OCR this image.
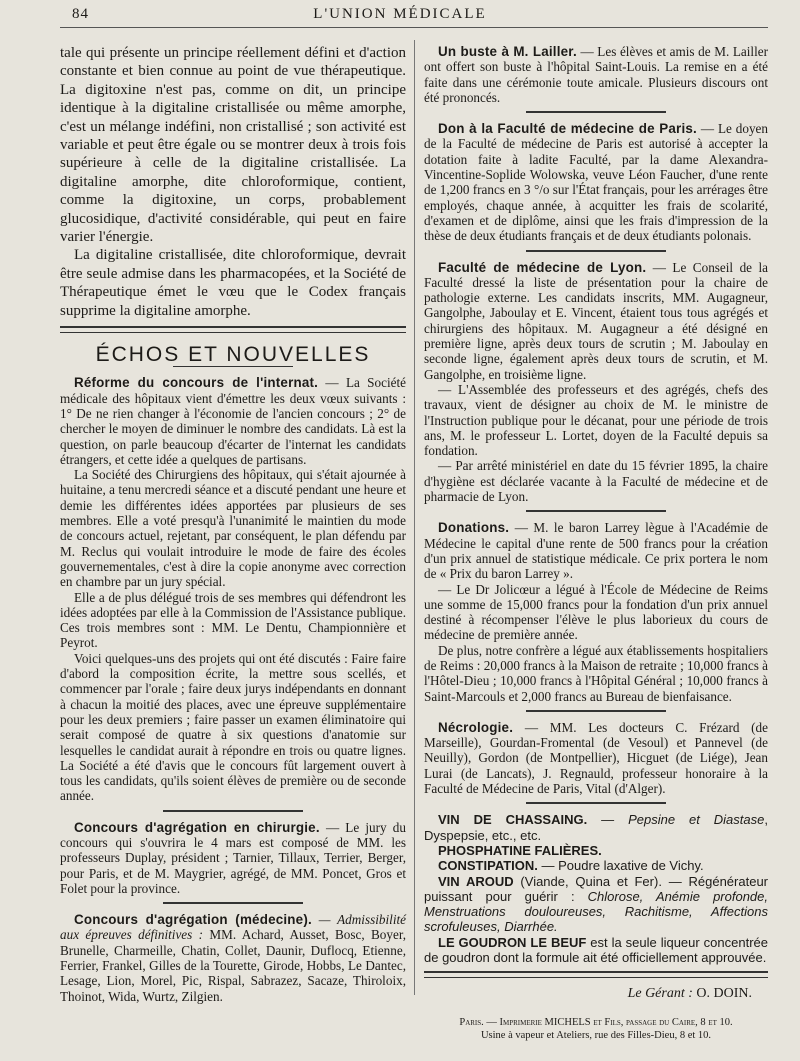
84	L'UNION MÉDICALE

tale qui présente un principe réellement défini et d'action constante et bien connue au point de vue thérapeutique. La digitoxine n'est pas, comme on dit, un principe identique à la digitaline cristallisée ou même amorphe, c'est un mélange indéfini, non cristallisé ; son activité est variable et peut être égale ou se montrer deux à trois fois supérieure à celle de la digitaline cristallisée. La digitaline amorphe, dite chloroformique, contient, comme la digitoxine, un corps, probablement glucosidique, d'activité considérable, qui peut en faire varier l'énergie.

La digitaline cristallisée, dite chloroformique, devrait être seule admise dans les pharmacopées, et la Société de Thérapeutique émet le vœu que le Codex français supprime la digitaline amorphe.

ÉCHOS ET NOUVELLES

Réforme du concours de l'internat. — La Société médicale des hôpitaux vient d'émettre les deux vœux suivants : 1° De ne rien changer à l'économie de l'ancien concours ; 2° de chercher le moyen de diminuer le nombre des candidats. Là est la question, on parle beaucoup d'écarter de l'internat les candidats étrangers, et cette idée a quelques de partisans.

La Société des Chirurgiens des hôpitaux, qui s'était ajournée à huitaine, a tenu mercredi séance et a discuté pendant une heure et demie les différentes idées apportées par plusieurs de ses membres. Elle a voté presqu'à l'unanimité le maintien du mode de concours actuel, rejetant, par conséquent, le plan défendu par M. Reclus qui voulait introduire le mode de faire des écoles gouvernementales, c'est à dire la copie anonyme avec correction en chambre par un jury spécial.

Elle a de plus délégué trois de ses membres qui défendront les idées adoptées par elle à la Commission de l'Assistance publique. Ces trois membres sont : MM. Le Dentu, Championnière et Peyrot.

Voici quelques-uns des projets qui ont été discutés : Faire faire d'abord la composition écrite, la mettre sous scellés, et commencer par l'orale ; faire deux jurys indépendants en donnant à chacun la moitié des places, avec une épreuve supplémentaire pour les deux premiers ; faire passer un examen éliminatoire qui serait composé de quatre à six questions d'anatomie sur lesquelles le candidat aurait à répondre en trois ou quatre lignes. La Société a été d'avis que le concours fût largement ouvert à tous les candidats, qu'ils soient élèves de première ou de seconde année.

Concours d'agrégation en chirurgie. — Le jury du concours qui s'ouvrira le 4 mars est composé de MM. les professeurs Duplay, président ; Tarnier, Tillaux, Terrier, Berger, pour Paris, et de M. Maygrier, agrégé, de MM. Poncet, Gros et Folet pour la province.

Concours d'agrégation (médecine). — Admissibilité aux épreuves définitives : MM. Achard, Ausset, Bosc, Boyer, Brunelle, Charmeille, Chatin, Collet, Daunir, Duflocq, Etienne, Ferrier, Frankel, Gilles de la Tourette, Girode, Hobbs, Le Dantec, Lesage, Lion, Morel, Pic, Rispal, Sabrazez, Sacaze, Thiroloix, Thoinot, Wida, Wurtz, Zilgien.

Un buste à M. Lailler. — Les élèves et amis de M. Lailler ont offert son buste à l'hôpital Saint-Louis. La remise en a été faite dans une cérémonie toute amicale. Plusieurs discours ont été prononcés.

Don à la Faculté de médecine de Paris. — Le doyen de la Faculté de médecine de Paris est autorisé à accepter la dotation faite à ladite Faculté, par la dame Alexandra-Vincentine-Soplide Wolowska, veuve Léon Faucher, d'une rente de 1,200 francs en 3 °/o sur l'État français, pour les arrérages être employés, chaque année, à acquitter les frais de scolarité, d'examen et de diplôme, ainsi que les frais d'impression de la thèse de deux étudiants français et de deux étudiants polonais.

Faculté de médecine de Lyon. — Le Conseil de la Faculté dressé la liste de présentation pour la chaire de pathologie externe. Les candidats inscrits, MM. Augagneur, Gangolphe, Jaboulay et E. Vincent, étaient tous tous agrégés et chirurgiens des hôpitaux. M. Augagneur a été désigné en première ligne, après deux tours de scrutin ; M. Jaboulay en seconde ligne, également après deux tours de scrutin, et M. Gangolphe, en troisième ligne.

— L'Assemblée des professeurs et des agrégés, chefs des travaux, vient de désigner au choix de M. le ministre de l'Instruction publique pour le décanat, pour une période de trois ans, M. le professeur L. Lortet, doyen de la Faculté depuis sa fondation.

— Par arrêté ministériel en date du 15 février 1895, la chaire d'hygiène est déclarée vacante à la Faculté de médecine et de pharmacie de Lyon.

Donations. — M. le baron Larrey lègue à l'Académie de Médecine le capital d'une rente de 500 francs pour la création d'un prix annuel de statistique médicale. Ce prix portera le nom de « Prix du baron Larrey ».

— Le Dr Jolicœur a légué à l'École de Médecine de Reims une somme de 15,000 francs pour la fondation d'un prix annuel destiné à récompenser l'élève le plus laborieux du cours de médecine de première année.

De plus, notre confrère a légué aux établissements hospitaliers de Reims : 20,000 francs à la Maison de retraite ; 10,000 francs à l'Hôtel-Dieu ; 10,000 francs à l'Hôpital Général ; 10,000 francs à Saint-Marcouls et 2,000 francs au Bureau de bienfaisance.

Nécrologie. — MM. Les docteurs C. Frézard (de Marseille), Gourdan-Fromental (de Vesoul) et Pannevel (de Neuilly), Gordon (de Montpellier), Hicguet (de Liége), Jean Lurai (de Lancats), J. Regnauld, professeur honoraire à la Faculté de Médecine de Paris, Vital (d'Alger).

VIN DE CHASSAING. — Pepsine et Diastase, Dyspepsie, etc., etc.

PHOSPHATINE FALIÈRES.

CONSTIPATION. — Poudre laxative de Vichy.

VIN AROUD (Viande, Quina et Fer). — Régénérateur puissant pour guérir : Chlorose, Anémie profonde, Menstruations douloureuses, Rachitisme, Affections scrofuleuses, Diarrhée.

LE GOUDRON LE BEUF est la seule liqueur concentrée de goudron dont la formule ait été officiellement approuvée.

Le Gérant : O. DOIN.
Paris. — Imprimerie MICHELS et Fils, passage du Caire, 8 et 10.
Usine à vapeur et Ateliers, rue des Filles-Dieu, 8 et 10.
